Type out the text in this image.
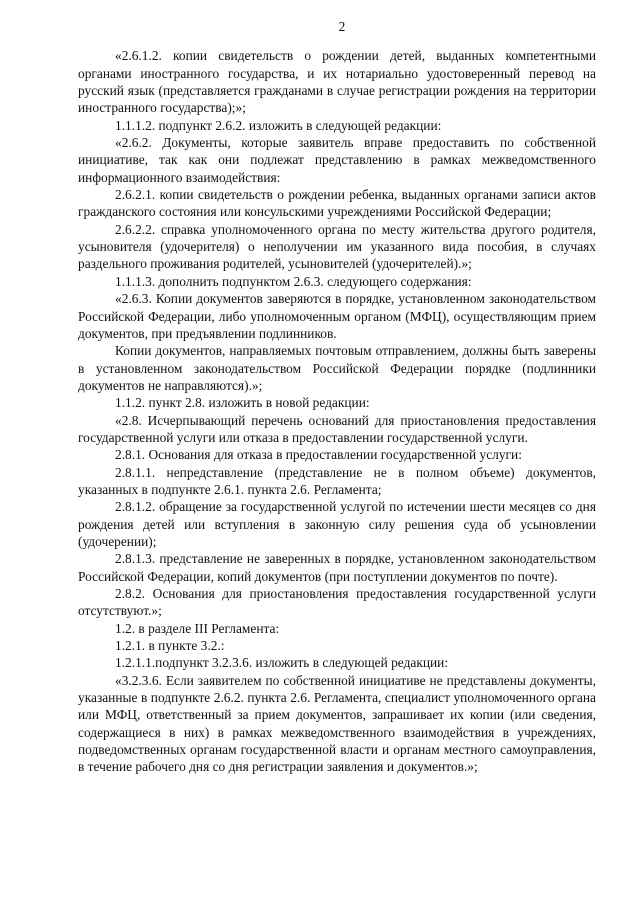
2

«2.6.1.2. копии свидетельств о рождении детей, выданных компетентными органами иностранного государства, и их нотариально удостоверенный перевод на русский язык (представляется гражданами в случае регистрации рождения на территории иностранного государства);»;

1.1.1.2. подпункт 2.6.2. изложить в следующей редакции:

«2.6.2. Документы, которые заявитель вправе предоставить по собственной инициативе, так как они подлежат представлению в рамках межведомственного информационного взаимодействия:

2.6.2.1. копии свидетельств о рождении ребенка, выданных органами записи актов гражданского состояния или консульскими учреждениями Российской Федерации;

2.6.2.2. справка уполномоченного органа по месту жительства другого родителя, усыновителя (удочерителя) о неполучении им указанного вида пособия, в случаях раздельного проживания родителей, усыновителей (удочерителей).»;

1.1.1.3. дополнить подпунктом 2.6.3. следующего содержания:

«2.6.3. Копии документов заверяются в порядке, установленном законодательством Российской Федерации, либо уполномоченным органом (МФЦ), осуществляющим прием документов, при предъявлении подлинников.

Копии документов, направляемых почтовым отправлением, должны быть заверены в установленном законодательством Российской Федерации порядке (подлинники документов не направляются).»;

1.1.2. пункт 2.8. изложить в новой редакции:

«2.8. Исчерпывающий перечень оснований для приостановления предоставления государственной услуги или отказа в предоставлении государственной услуги.

2.8.1. Основания для отказа в предоставлении государственной услуги:

2.8.1.1. непредставление (представление не в полном объеме) документов, указанных в подпункте 2.6.1. пункта 2.6. Регламента;

2.8.1.2. обращение за государственной услугой по истечении шести месяцев со дня рождения детей или вступления в законную силу решения суда об усыновлении (удочерении);

2.8.1.3. представление не заверенных в порядке, установленном законодательством Российской Федерации, копий документов (при поступлении документов по почте).

2.8.2. Основания для приостановления предоставления государственной услуги отсутствуют.»;

1.2. в разделе III Регламента:

1.2.1. в пункте 3.2.:

1.2.1.1.подпункт 3.2.3.6. изложить в следующей редакции:

«3.2.3.6. Если заявителем по собственной инициативе не представлены документы, указанные в подпункте 2.6.2. пункта 2.6. Регламента, специалист уполномоченного органа или МФЦ, ответственный за прием документов, запрашивает их копии (или сведения, содержащиеся в них) в рамках межведомственного взаимодействия в учреждениях, подведомственных органам государственной власти и органам местного самоуправления, в течение рабочего дня со дня регистрации заявления и документов.»;
